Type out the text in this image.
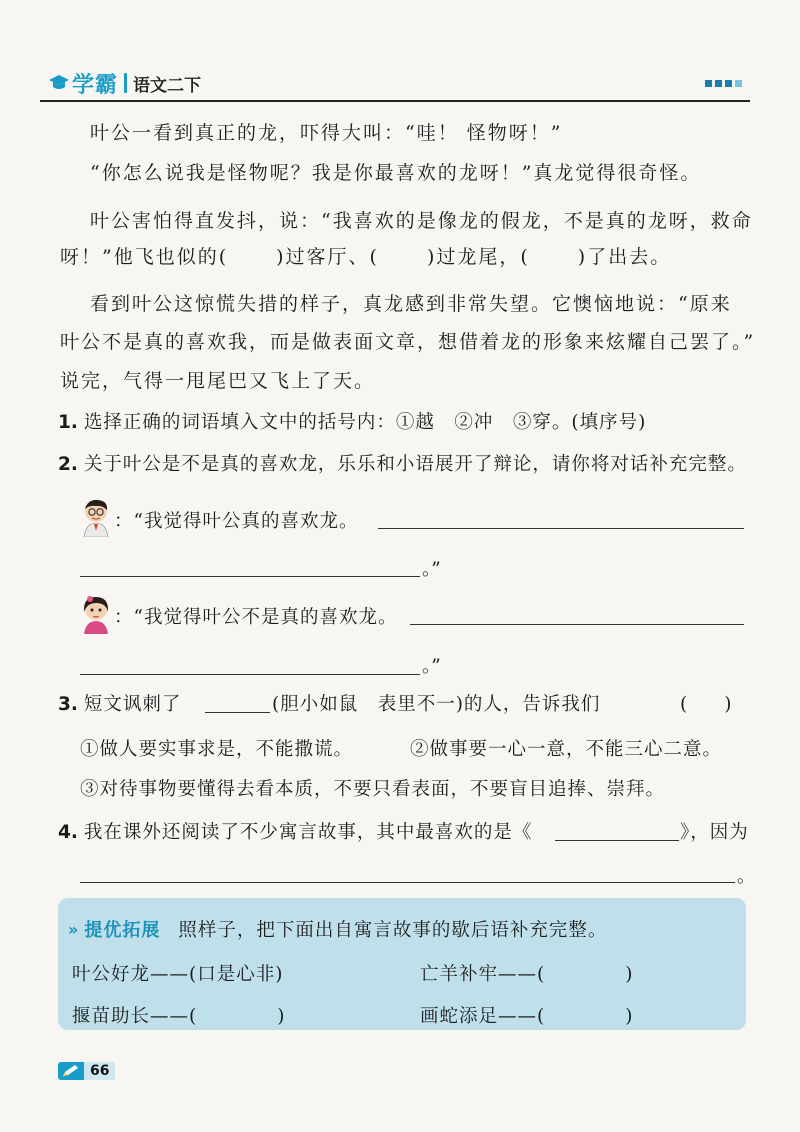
学霸 语文二下
叶公一看到真正的龙，吓得大叫：“哇！ 怪物呀！”
“你怎么说我是怪物呢？我是你最喜欢的龙呀！”真龙觉得很奇怪。
叶公害怕得直发抖，说：“我喜欢的是像龙的假龙，不是真的龙呀，救命
呀！”他飞也似的(	)过客厅、(	)过龙尾，(	)了出去。
看到叶公这惊慌失措的样子，真龙感到非常失望。它懊恼地说：“原来
叶公不是真的喜欢我，而是做表面文章，想借着龙的形象来炫耀自己罢了。”
说完，气得一甩尾巴又飞上了天。
1. 选择正确的词语填入文中的括号内：①越　②冲　③穿。(填序号)
2. 关于叶公是不是真的喜欢龙，乐乐和小语展开了辩论，请你将对话补充完整。
：“我觉得叶公真的喜欢龙。
。”
：“我觉得叶公不是真的喜欢龙。
。”
3. 短文讽刺了	(胆小如鼠　表里不一)的人，告诉我们	(　　)
①做人要实事求是，不能撒谎。	②做事要一心一意，不能三心二意。
③对待事物要懂得去看本质，不要只看表面，不要盲目追捧、崇拜。
4. 我在课外还阅读了不少寓言故事，其中最喜欢的是《	》，因为
。
» 提优拓展 照样子，把下面出自寓言故事的歇后语补充完整。
叶公好龙——(口是心非)	亡羊补牢——(	)
揠苗助长——(	)	画蛇添足——(	)
66
